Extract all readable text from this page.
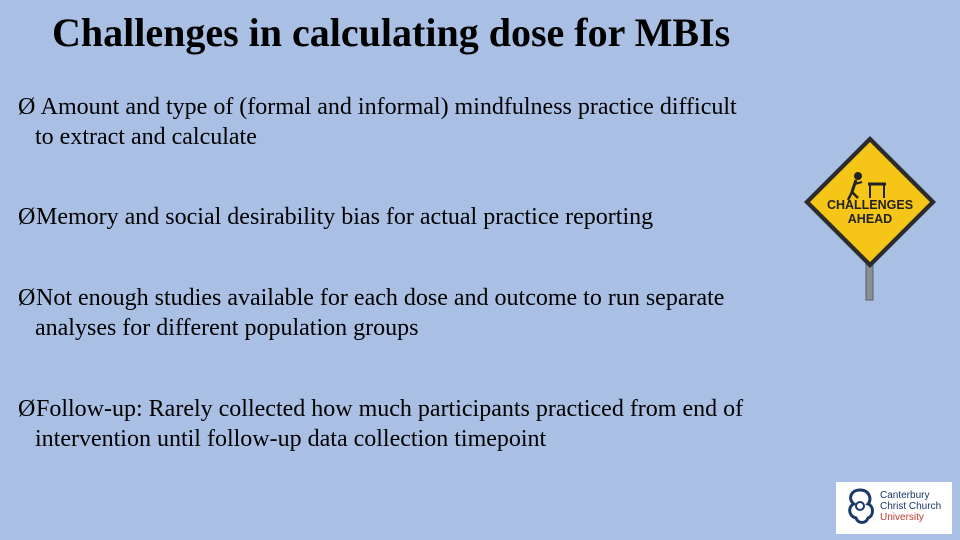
Challenges in calculating dose for MBIs
Ø Amount and type of (formal and informal) mindfulness practice difficult
to extract and calculate
ØMemory and social desirability bias for actual practice reporting
ØNot enough studies available for each dose and outcome to run separate
analyses for different population groups
ØFollow-up: Rarely collected how much participants practiced from end of
intervention until follow-up data collection timepoint
CHALLENGES
AHEAD
Canterbury
Christ Church
University
